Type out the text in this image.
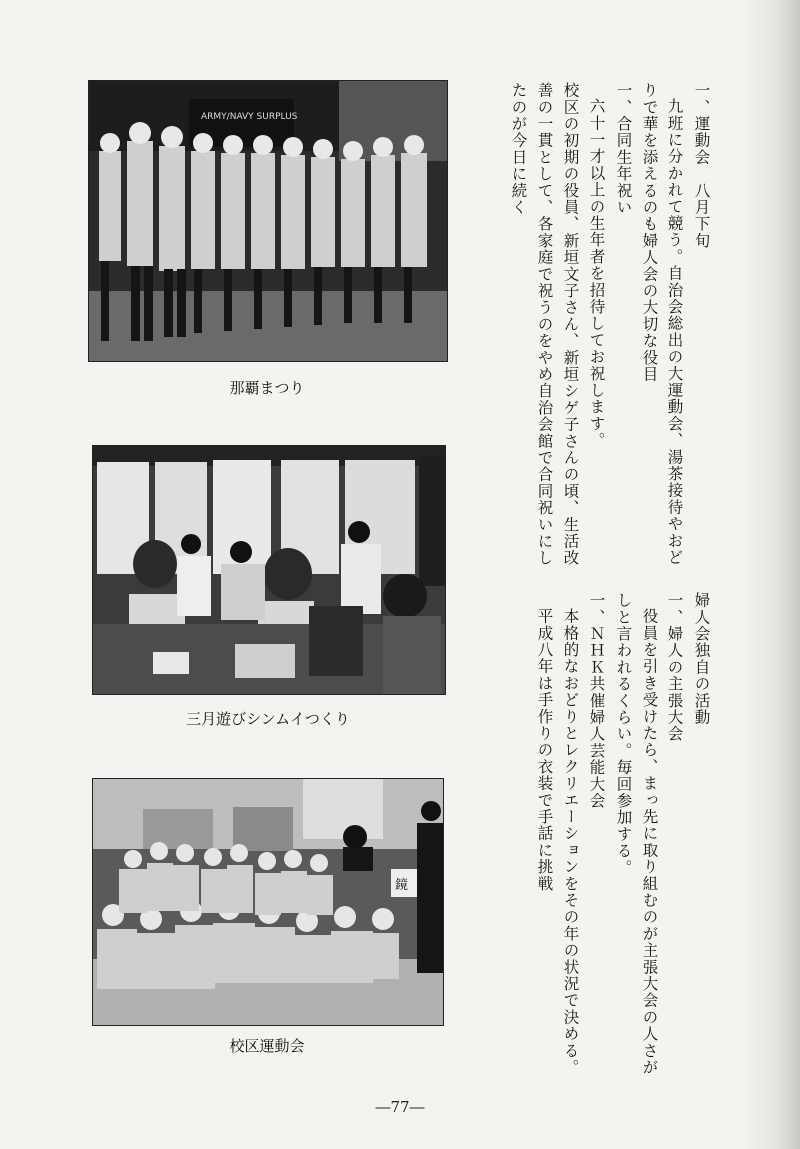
ARMY/NAVY SURPLUS
那覇まつり
三月遊びシンムイつくり
鏡
校区運動会
一、運動会　八月下旬
九班に分かれて競う。自治会総出の大運動会、湯茶接待やおど
りで華を添えるのも婦人会の大切な役目
一、合同生年祝い
六十一才以上の生年者を招待してお祝します。
校区の初期の役員、新垣文子さん、新垣シゲ子さんの頃、生活改
善の一貫として、各家庭で祝うのをやめ自治会館で合同祝いにし
たのが今日に続く
婦人会独自の活動
一、婦人の主張大会
役員を引き受けたら、まっ先に取り組むのが主張大会の人さが
しと言われるくらい。毎回参加する。
一、ＮＨＫ共催婦人芸能大会
本格的なおどりとレクリエーションをその年の状況で決める。
平成八年は手作りの衣装で手話に挑戦
―77―
